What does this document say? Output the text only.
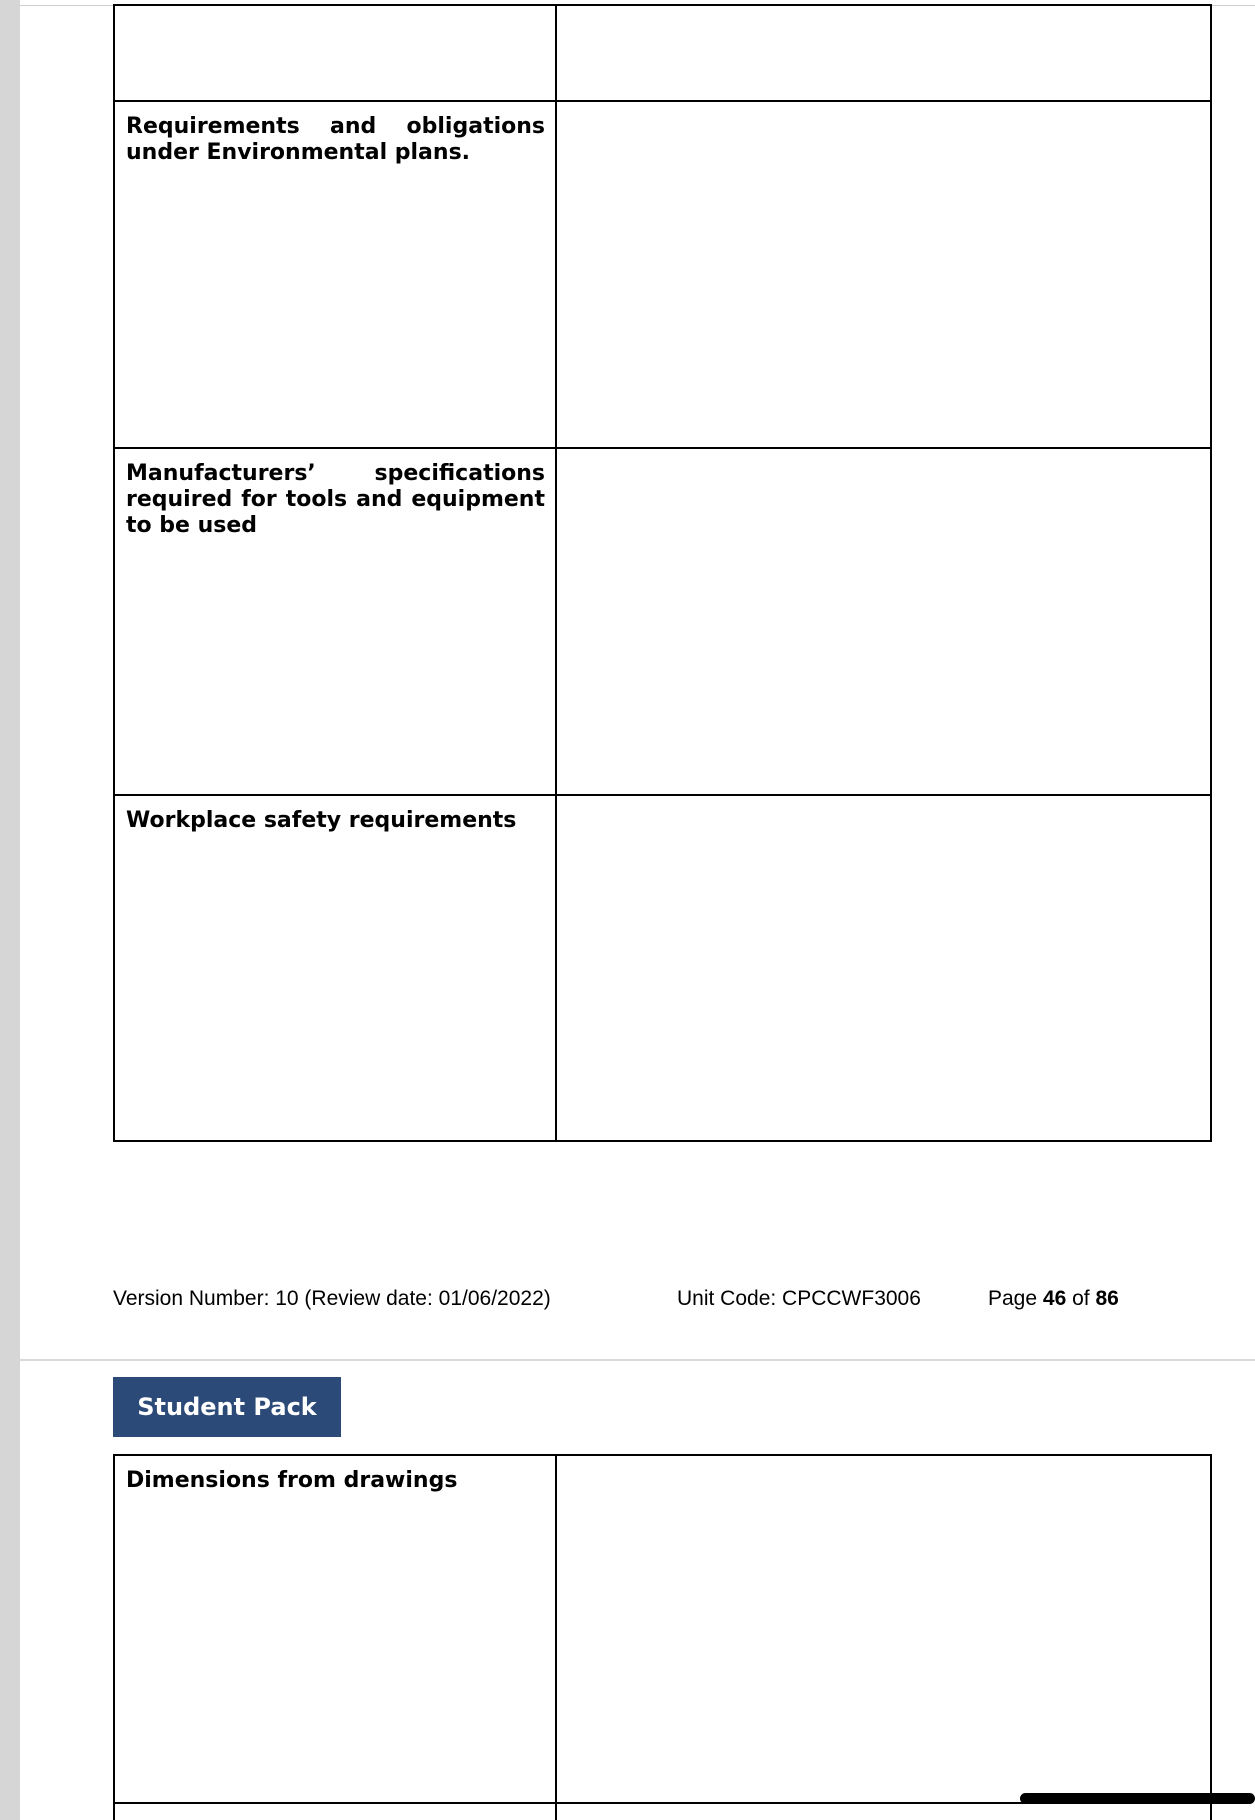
Requirements and obligations under Environmental plans.	

Manufacturers’ specifications required for tools and equipment to be used	

Workplace safety requirements	

Version Number: 10 (Review date: 01/06/2022)	Unit Code: CPCCWF3006	Page 46 of 86
Student Pack
Dimensions from drawings	
